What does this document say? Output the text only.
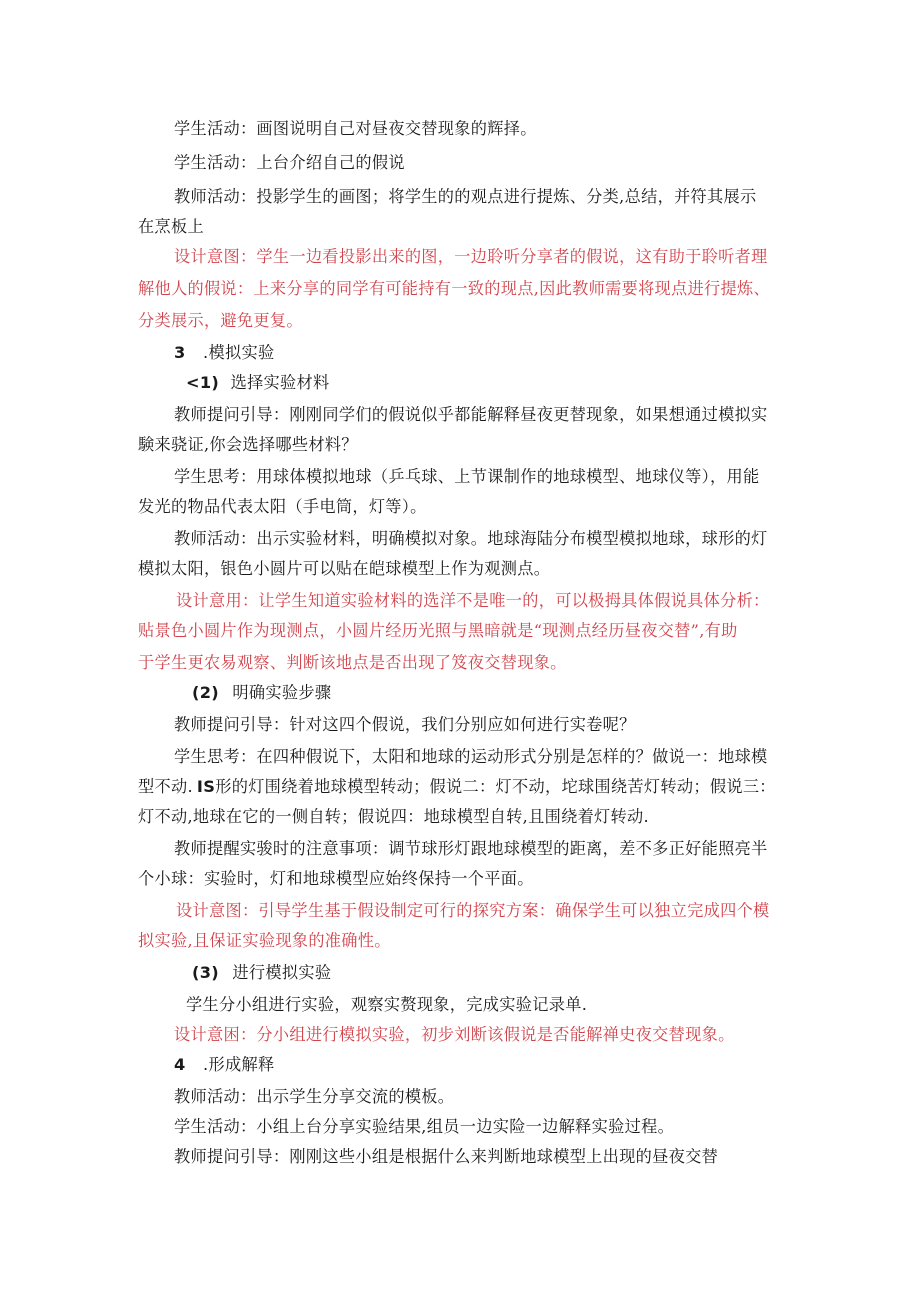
学生活动：画图说明自己对昼夜交替现象的辉择。
学生活动：上台介绍自己的假说
教师活动：投影学生的画图；将学生的的观点进行提炼、分类,总结，并符其展示
在烹板上
设计意图：学生一边看投影出来的图，一边聆听分享者的假说，这有助于聆听者理
解他人的假说：上来分享的同学有可能持有一致的现点,因此教师需要将现点进行提炼、
分类展示，避免更复。
3 .模拟实验
<1) 选择实验材料
教师提问引导：刚刚同学们的假说似乎都能解释昼夜更替现象，如果想通过模拟实
験来骁证,你会选择哪些材料？
学生思考：用球体模拟地球（乒乓球、上节课制作的地球模型、地球仪等），用能
发光的物品代表太阳（手电筒，灯等）。
教师活动：出示实验材料，明确模拟对象。地球海陆分布模型模拟地球，球形的灯
模拟太阳，银色小圆片可以贴在皑球模型上作为观测点。
设计意用：让学生知道实验材料的选洋不是唯一的，可以极拇具体假说具体分析：
贴景色小圆片作为现测点，小圆片经历光照与黑暗就是“现测点经历昼夜交替”,有助
于学生更农易观察、判断该地点是否出现了笈夜交替现象。
(2) 明确实验步骤
教师提问引导：针对这四个假说，我们分别应如何进行实卷呢？
学生思考：在四种假说下，太阳和地球的运动形式分别是怎样的？做说一：地球模
型不动. IS形的灯围绕着地球模型转动；假说二：灯不动，坨球围绕苦灯转动；假说三：
灯不动,地球在它的一侧自转；假说四：地球模型自转,且围绕着灯转动.
教师提醒实骏时的注意事项：调节球形灯跟地球模型的距离，差不多正好能照亮半
个小球：实验时，灯和地球模型应始终保持一个平面。
设计意图：引导学生基于假设制定可行的探究方案：确保学生可以独立完成四个模
拟实验,且保证实验现象的准确性。
(3) 进行模拟实验
学生分小组进行实验，观察实赘现象，完成实验记录单.
设计意困：分小组进行模拟实验，初步刘断该假说是否能解禅史夜交替现象。
4 .形成解释
教师活动：出示学生分享交流的模板。
学生活动：小组上台分享实验结果,组员一边实险一边解释实验过程。
教师提问引导：刚刚这些小组是根据什么来判断地球模型上出现的昼夜交替
